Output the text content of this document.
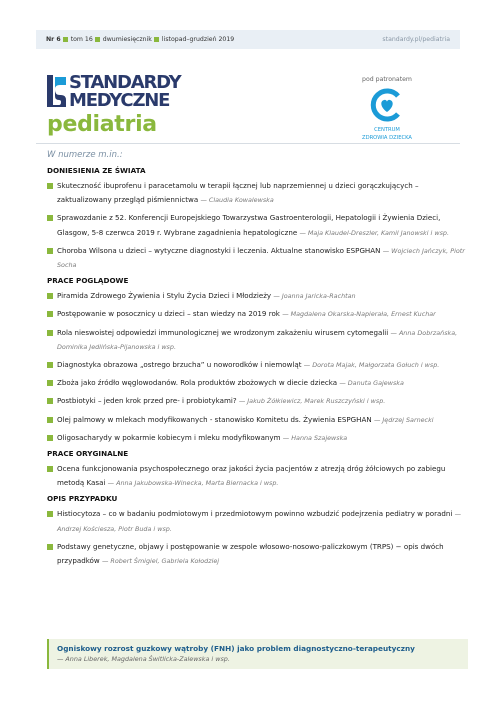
Nr 6 tom 16 dwumiesięcznik listopad–grudzień 2019	standardy.pl/pediatria
STANDARDY
MEDYCZNE
pediatria
pod patronatem
CENTRUM
ZDROWIA DZIECKA
W numerze m.in.:
DONIESIENIA ZE ŚWIATA
Skuteczność ibuprofenu i paracetamolu w terapii łącznej lub naprzemiennej u dzieci gorączkujących – zaktualizowany przegląd piśmiennictwa — Claudia Kowalewska
Sprawozdanie z 52. Konferencji Europejskiego Towarzystwa Gastroenterologii, Hepatologii i Żywienia Dzieci, Glasgow, 5-8 czerwca 2019 r. Wybrane zagadnienia hepatologiczne — Maja Klaudel-Dreszler, Kamil Janowski i wsp.
Choroba Wilsona u dzieci – wytyczne diagnostyki i leczenia. Aktualne stanowisko ESPGHAN — Wojciech Jańczyk, Piotr Socha
PRACE POGLĄDOWE
Piramida Zdrowego Żywienia i Stylu Życia Dzieci i Młodzieży — Joanna Jaricka-Rachtan
Postępowanie w posocznicy u dzieci – stan wiedzy na 2019 rok — Magdalena Okarska-Napierała, Ernest Kuchar
Rola nieswoistej odpowiedzi immunologicznej we wrodzonym zakażeniu wirusem cytomegalii — Anna Dobrzańska, Dominika Jedlińska-Pijanowska i wsp.
Diagnostyka obrazowa „ostrego brzucha” u noworodków i niemowląt — Dorota Majak, Małgorzata Gołuch i wsp.
Zboża jako źródło węglowodanów. Rola produktów zbożowych w diecie dziecka — Danuta Gajewska
Postbiotyki – jeden krok przed pre- i probiotykami? — Jakub Żółkiewicz, Marek Ruszczyński i wsp.
Olej palmowy w mlekach modyfikowanych - stanowisko Komitetu ds. Żywienia ESPGHAN — Jędrzej Sarnecki
Oligosacharydy w pokarmie kobiecym i mleku modyfikowanym — Hanna Szajewska
PRACE ORYGINALNE
Ocena funkcjonowania psychospołecznego oraz jakości życia pacjentów z atrezją dróg żółciowych po zabiegu metodą Kasai — Anna Jakubowska-Winecka, Marta Biernacka i wsp.
OPIS PRZYPADKU
Histiocytoza – co w badaniu podmiotowym i przedmiotowym powinno wzbudzić podejrzenia pediatry w poradni — Andrzej Kościesza, Piotr Buda i wsp.
Podstawy genetyczne, objawy i postępowanie w zespole włosowo-nosowo-paliczkowym (TRPS) − opis dwóch przypadków — Robert Śmigiel, Gabriela Kołodziej
Ogniskowy rozrost guzkowy wątroby (FNH) jako problem diagnostyczno-terapeutyczny
— Anna Liberek, Magdalena Świtlicka-Zalewska i wsp.
